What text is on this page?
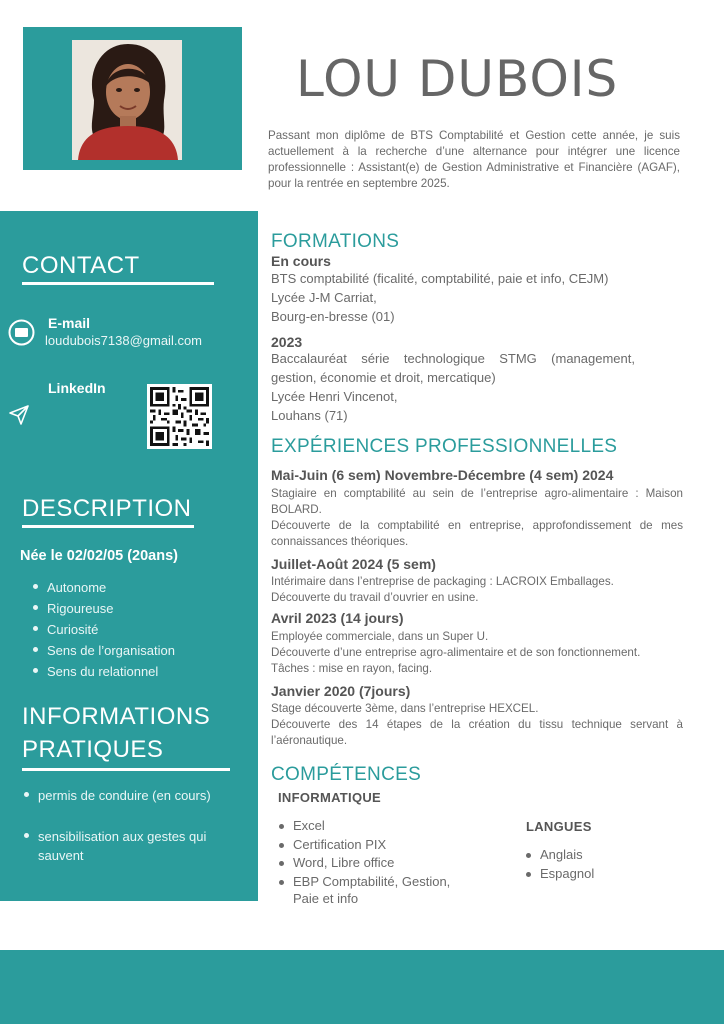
LOU DUBOIS
Passant mon diplôme de BTS Comptabilité et Gestion cette année, je suis actuellement à la recherche d’une alternance pour intégrer une licence professionnelle : Assistant(e) de Gestion Administrative et Financière (AGAF), pour la rentrée en septembre 2025.
CONTACT
E-mail
loudubois7138@gmail.com
LinkedIn
DESCRIPTION
Née le 02/02/05 (20ans)
Autonome
Rigoureuse
Curiosité
Sens de l’organisation
Sens du relationnel
INFORMATIONS
PRATIQUES
permis de conduire (en cours)
sensibilisation aux gestes qui
sauvent
FORMATIONS
En cours
BTS comptabilité (ficalité, comptabilité, paie et info, CEJM)
Lycée J-M Carriat,
Bourg-en-bresse (01)
2023
Baccalauréat série technologique STMG (management,
gestion, économie et droit, mercatique)
Lycée Henri Vincenot,
Louhans (71)
EXPÉRIENCES PROFESSIONNELLES
Mai-Juin (6 sem) Novembre-Décembre (4 sem) 2024
Stagiaire en comptabilité au sein de l’entreprise agro-alimentaire : Maison BOLARD.
Découverte de la comptabilité en entreprise, approfondissement de mes connaissances théoriques.
Juillet-Août 2024 (5 sem)
Intérimaire dans l’entreprise de packaging : LACROIX Emballages.
Découverte du travail d’ouvrier en usine.
Avril 2023 (14 jours)
Employée commerciale, dans un Super U.
Découverte d’une entreprise agro-alimentaire et de son fonctionnement.
Tâches : mise en rayon, facing.
Janvier 2020 (7jours)
Stage découverte 3ème, dans l’entreprise HEXCEL.
Découverte des 14 étapes de la création du tissu technique servant à l’aéronautique.
COMPÉTENCES
INFORMATIQUE
Excel
Certification PIX
Word, Libre office
EBP Comptabilité, Gestion,
Paie et info
LANGUES
Anglais
Espagnol
